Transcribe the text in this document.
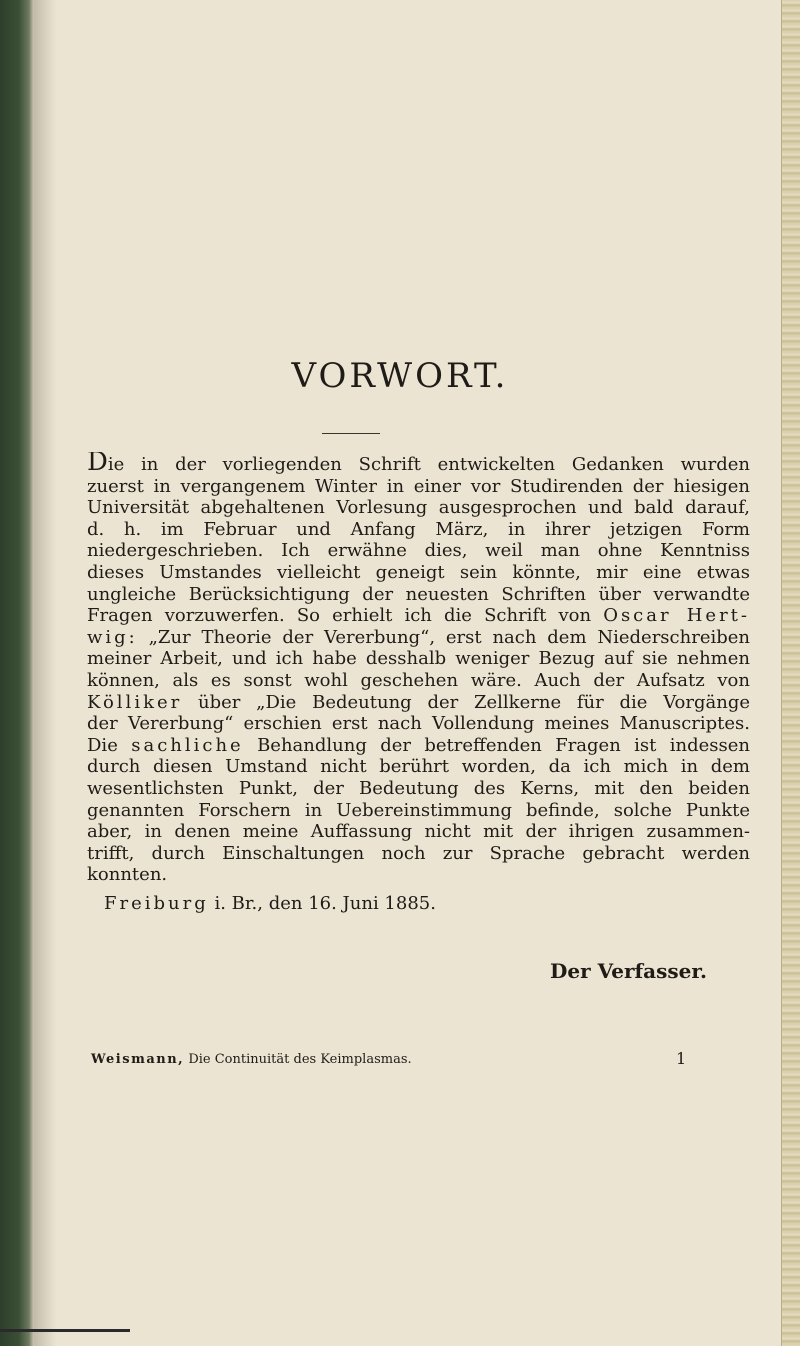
VORWORT.
Die in der vorliegenden Schrift entwickelten Gedanken wurden
zuerst in vergangenem Winter in einer vor Studirenden der hiesigen
Universität abgehaltenen Vorlesung ausgesprochen und bald darauf,
d. h. im Februar und Anfang März, in ihrer jetzigen Form
niedergeschrieben. Ich erwähne dies, weil man ohne Kenntniss
dieses Umstandes vielleicht geneigt sein könnte, mir eine etwas
ungleiche Berücksichtigung der neuesten Schriften über verwandte
Fragen vorzuwerfen. So erhielt ich die Schrift von Oscar Hert-
wig: „Zur Theorie der Vererbung“, erst nach dem Niederschreiben
meiner Arbeit, und ich habe desshalb weniger Bezug auf sie nehmen
können, als es sonst wohl geschehen wäre. Auch der Aufsatz von
Kölliker über „Die Bedeutung der Zellkerne für die Vorgänge
der Vererbung“ erschien erst nach Vollendung meines Manuscriptes.
Die sachliche Behandlung der betreffenden Fragen ist indessen
durch diesen Umstand nicht berührt worden, da ich mich in dem
wesentlichsten Punkt, der Bedeutung des Kerns, mit den beiden
genannten Forschern in Uebereinstimmung befinde, solche Punkte
aber, in denen meine Auffassung nicht mit der ihrigen zusammen-
trifft, durch Einschaltungen noch zur Sprache gebracht werden
konnten.
Freiburg i. Br., den 16. Juni 1885.
Der Verfasser.
Weismann, Die Continuität des Keimplasmas.	1
